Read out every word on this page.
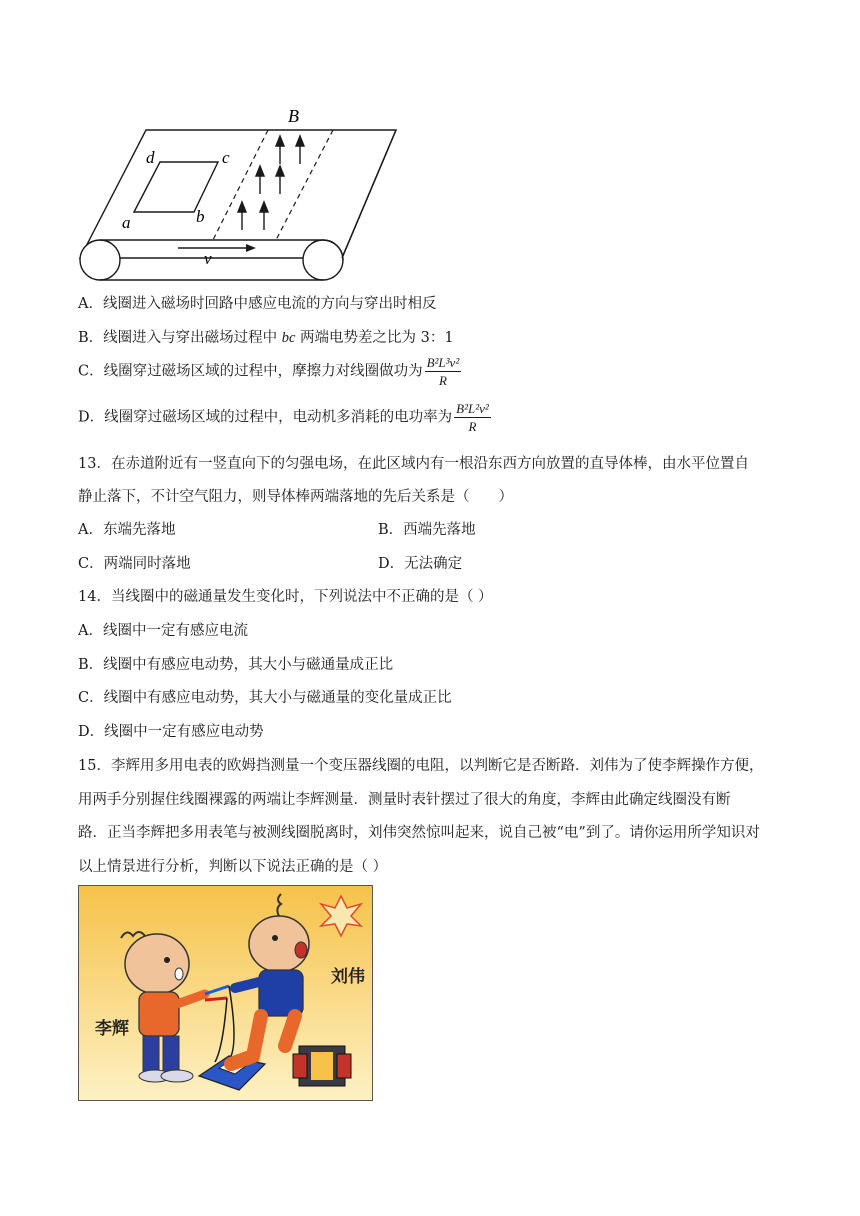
B
d	c
a	b
v
A．线圈进入磁场时回路中感应电流的方向与穿出时相反
B．线圈进入与穿出磁场过程中 bc 两端电势差之比为 3：1
C．线圈穿过磁场区域的过程中，摩擦力对线圈做功为 $\frac{\text{B²L³v²}}{R}$
D．线圈穿过磁场区域的过程中，电动机多消耗的电功率为 $\frac{\text{B²L²v²}}{R}$
13．在赤道附近有一竖直向下的匀强电场，在此区域内有一根沿东西方向放置的直导体棒，由水平位置自
静止落下，不计空气阻力，则导体棒两端落地的先后关系是（　　）
A．东端先落地	B．西端先落地
C．两端同时落地	D．无法确定
14．当线圈中的磁通量发生变化时，下列说法中不正确的是（ ）
A．线圈中一定有感应电流
B．线圈中有感应电动势，其大小与磁通量成正比
C．线圈中有感应电动势，其大小与磁通量的变化量成正比
D．线圈中一定有感应电动势
15．李辉用多用电表的欧姆挡测量一个变压器线圈的电阻，以判断它是否断路．刘伟为了使李辉操作方便，
用两手分别握住线圈裸露的两端让李辉测量．测量时表针摆过了很大的角度，李辉由此确定线圈没有断
路．正当李辉把多用表笔与被测线圈脱离时，刘伟突然惊叫起来，说自己被“电”到了。请你运用所学知识对
以上情景进行分析，判断以下说法正确的是（ ）
李辉
刘伟
